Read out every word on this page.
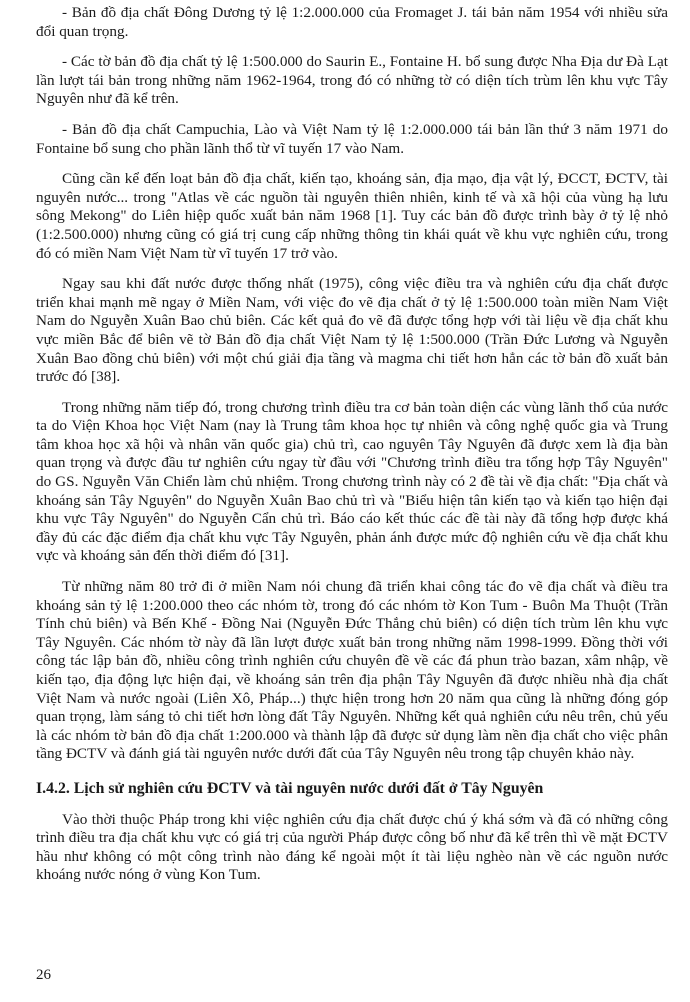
- Bản đồ địa chất Đông Dương tỷ lệ 1:2.000.000 của Fromaget J. tái bản năm 1954 với nhiều sửa đổi quan trọng.

- Các tờ bản đồ địa chất tỷ lệ 1:500.000 do Saurin E., Fontaine H. bổ sung được Nha Địa dư Đà Lạt lần lượt tái bản trong những năm 1962-1964, trong đó có những tờ có diện tích trùm lên khu vực Tây Nguyên như đã kể trên.

- Bản đồ địa chất Campuchia, Lào và Việt Nam tỷ lệ 1:2.000.000 tái bản lần thứ 3 năm 1971 do Fontaine bổ sung cho phần lãnh thổ từ vĩ tuyến 17 vào Nam.

Cũng cần kể đến loạt bản đồ địa chất, kiến tạo, khoáng sản, địa mạo, địa vật lý, ĐCCT, ĐCTV, tài nguyên nước... trong "Atlas về các nguồn tài nguyên thiên nhiên, kinh tế và xã hội của vùng hạ lưu sông Mekong" do Liên hiệp quốc xuất bản năm 1968 [1]. Tuy các bản đồ được trình bày ở tỷ lệ nhỏ (1:2.500.000) nhưng cũng có giá trị cung cấp những thông tin khái quát về khu vực nghiên cứu, trong đó có miền Nam Việt Nam từ vĩ tuyến 17 trở vào.

Ngay sau khi đất nước được thống nhất (1975), công việc điều tra và nghiên cứu địa chất được triển khai mạnh mẽ ngay ở Miền Nam, với việc đo vẽ địa chất ở tỷ lệ 1:500.000 toàn miền Nam Việt Nam do Nguyễn Xuân Bao chủ biên. Các kết quả đo vẽ đã được tổng hợp với tài liệu về địa chất khu vực miền Bắc để biên vẽ tờ Bản đồ địa chất Việt Nam tỷ lệ 1:500.000 (Trần Đức Lương và Nguyễn Xuân Bao đồng chủ biên) với một chú giải địa tầng và magma chi tiết hơn hẳn các tờ bản đồ xuất bản trước đó [38].

Trong những năm tiếp đó, trong chương trình điều tra cơ bản toàn diện các vùng lãnh thổ của nước ta do Viện Khoa học Việt Nam (nay là Trung tâm khoa học tự nhiên và công nghệ quốc gia và Trung tâm khoa học xã hội và nhân văn quốc gia) chủ trì, cao nguyên Tây Nguyên đã được xem là địa bàn quan trọng và được đầu tư nghiên cứu ngay từ đầu với "Chương trình điều tra tổng hợp Tây Nguyên" do GS. Nguyễn Văn Chiển làm chủ nhiệm. Trong chương trình này có 2 đề tài về địa chất: "Địa chất và khoáng sản Tây Nguyên" do Nguyễn Xuân Bao chủ trì và "Biểu hiện tân kiến tạo và kiến tạo hiện đại khu vực Tây Nguyên" do Nguyễn Cẩn chủ trì. Báo cáo kết thúc các đề tài này đã tổng hợp được khá đầy đủ các đặc điểm địa chất khu vực Tây Nguyên, phản ánh được mức độ nghiên cứu về địa chất khu vực và khoáng sản đến thời điểm đó [31].

Từ những năm 80 trở đi ở miền Nam nói chung đã triển khai công tác đo vẽ địa chất và điều tra khoáng sản tỷ lệ 1:200.000 theo các nhóm tờ, trong đó các nhóm tờ Kon Tum - Buôn Ma Thuột (Trần Tính chủ biên) và Bến Khế - Đồng Nai (Nguyễn Đức Thắng chủ biên) có diện tích trùm lên khu vực Tây Nguyên. Các nhóm tờ này đã lần lượt được xuất bản trong những năm 1998-1999. Đồng thời với công tác lập bản đồ, nhiều công trình nghiên cứu chuyên đề về các đá phun trào bazan, xâm nhập, về kiến tạo, địa động lực hiện đại, về khoáng sản trên địa phận Tây Nguyên đã được nhiều nhà địa chất Việt Nam và nước ngoài (Liên Xô, Pháp...) thực hiện trong hơn 20 năm qua cũng là những đóng góp quan trọng, làm sáng tỏ chi tiết hơn lòng đất Tây Nguyên. Những kết quả nghiên cứu nêu trên, chủ yếu là các nhóm tờ bản đồ địa chất 1:200.000 và thành lập đã được sử dụng làm nền địa chất cho việc phân tầng ĐCTV và đánh giá tài nguyên nước dưới đất của Tây Nguyên nêu trong tập chuyên khảo này.

I.4.2. Lịch sử nghiên cứu ĐCTV và tài nguyên nước dưới đất ở Tây Nguyên

Vào thời thuộc Pháp trong khi việc nghiên cứu địa chất được chú ý khá sớm và đã có những công trình điều tra địa chất khu vực có giá trị của người Pháp được công bố như đã kể trên thì về mặt ĐCTV hầu như không có một công trình nào đáng kể ngoài một ít tài liệu nghèo nàn về các nguồn nước khoáng nước nóng ở vùng Kon Tum.

26
